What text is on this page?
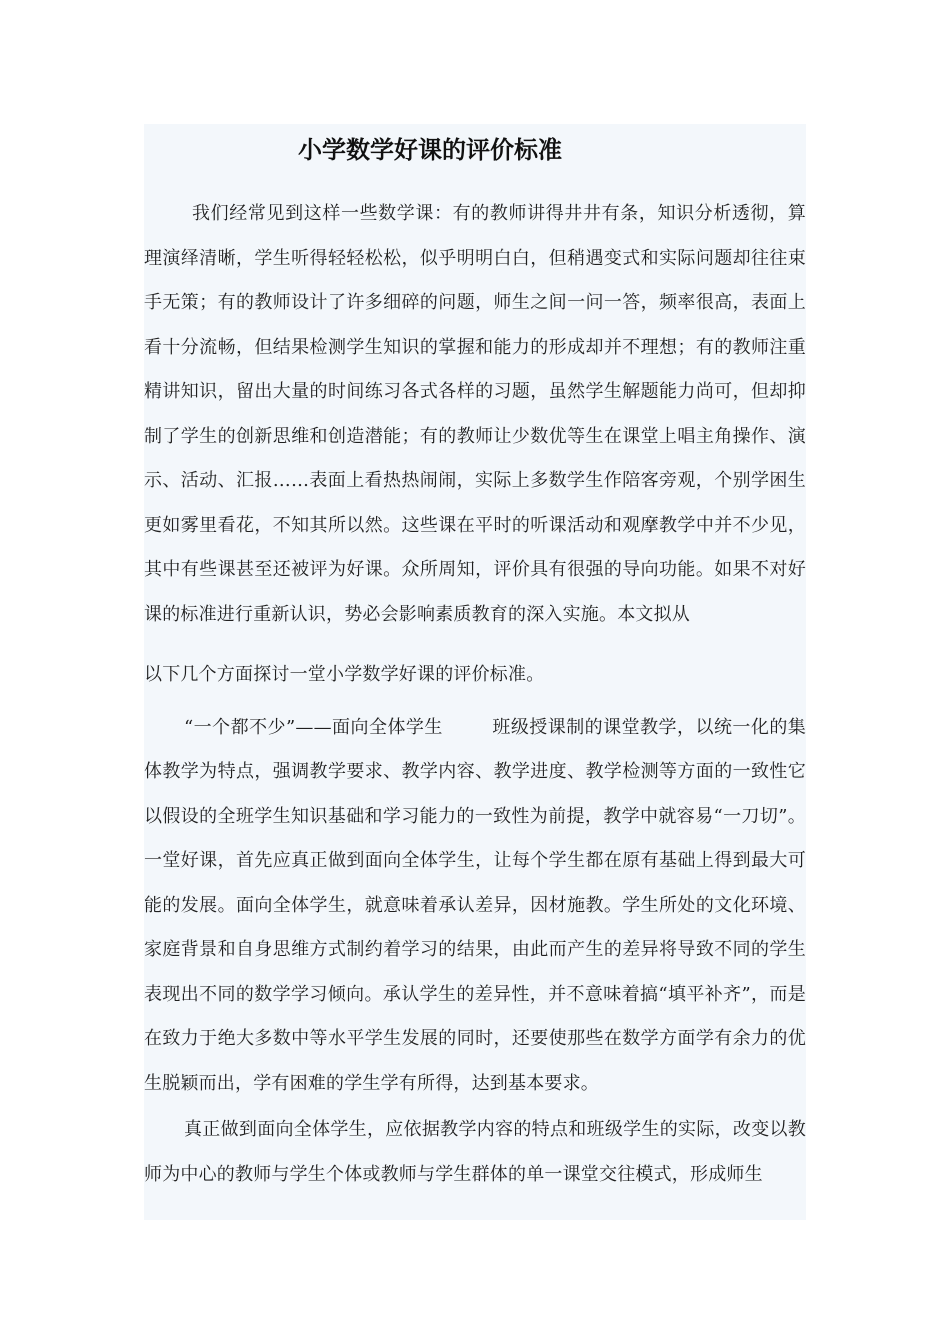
小学数学好课的评价标准

我们经常见到这样一些数学课：有的教师讲得井井有条，知识分析透彻，算理演绎清晰，学生听得轻轻松松，似乎明明白白，但稍遇变式和实际问题却往往束手无策；有的教师设计了许多细碎的问题，师生之间一问一答，频率很高，表面上看十分流畅，但结果检测学生知识的掌握和能力的形成却并不理想；有的教师注重精讲知识，留出大量的时间练习各式各样的习题，虽然学生解题能力尚可，但却抑制了学生的创新思维和创造潜能；有的教师让少数优等生在课堂上唱主角操作、演示、活动、汇报……表面上看热热闹闹，实际上多数学生作陪客旁观，个别学困生更如雾里看花，不知其所以然。这些课在平时的听课活动和观摩教学中并不少见，其中有些课甚至还被评为好课。众所周知，评价具有很强的导向功能。如果不对好课的标准进行重新认识，势必会影响素质教育的深入实施。本文拟从

以下几个方面探讨一堂小学数学好课的评价标准。

“一个都不少”——面向全体学生	班级授课制的课堂教学，以统一化的集体教学为特点，强调教学要求、教学内容、教学进度、教学检测等方面的一致性它以假设的全班学生知识基础和学习能力的一致性为前提，教学中就容易“一刀切”。一堂好课，首先应真正做到面向全体学生，让每个学生都在原有基础上得到最大可能的发展。面向全体学生，就意味着承认差异，因材施教。学生所处的文化环境、家庭背景和自身思维方式制约着学习的结果，由此而产生的差异将导致不同的学生表现出不同的数学学习倾向。承认学生的差异性，并不意味着搞“填平补齐”，而是在致力于绝大多数中等水平学生发展的同时，还要使那些在数学方面学有余力的优生脱颖而出，学有困难的学生学有所得，达到基本要求。

真正做到面向全体学生，应依据教学内容的特点和班级学生的实际，改变以教师为中心的教师与学生个体或教师与学生群体的单一课堂交往模式，形成师生
